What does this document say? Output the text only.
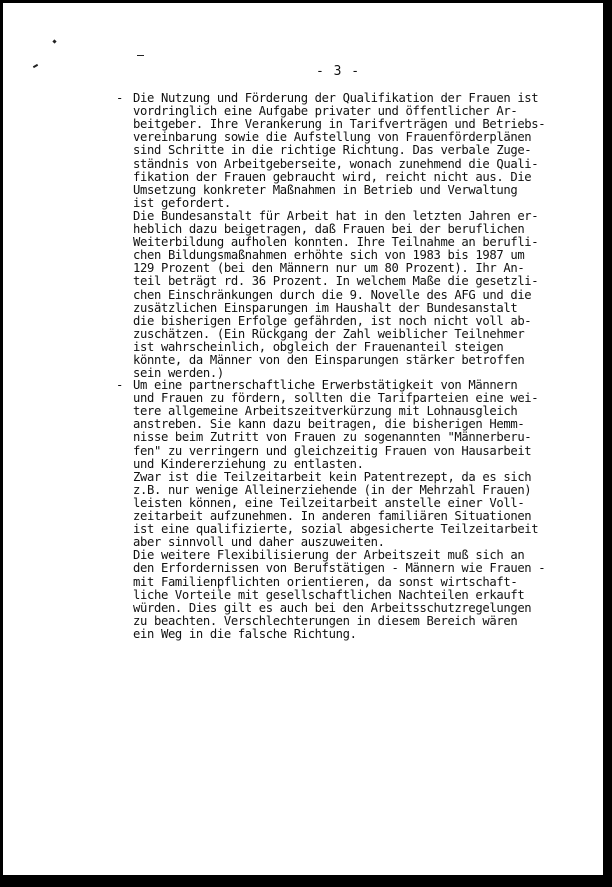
- 3 -
- Die Nutzung und Förderung der Qualifikation der Frauen ist
vordringlich eine Aufgabe privater und öffentlicher Ar-
beitgeber. Ihre Verankerung in Tarifverträgen und Betriebs-
vereinbarung sowie die Aufstellung von Frauenförderplänen
sind Schritte in die richtige Richtung. Das verbale Zuge-
ständnis von Arbeitgeberseite, wonach zunehmend die Quali-
fikation der Frauen gebraucht wird, reicht nicht aus. Die
Umsetzung konkreter Maßnahmen in Betrieb und Verwaltung
ist gefordert.
Die Bundesanstalt für Arbeit hat in den letzten Jahren er-
heblich dazu beigetragen, daß Frauen bei der beruflichen
Weiterbildung aufholen konnten. Ihre Teilnahme an berufli-
chen Bildungsmaßnahmen erhöhte sich von 1983 bis 1987 um
129 Prozent (bei den Männern nur um 80 Prozent). Ihr An-
teil beträgt rd. 36 Prozent. In welchem Maße die gesetzli-
chen Einschränkungen durch die 9. Novelle des AFG und die
zusätzlichen Einsparungen im Haushalt der Bundesanstalt
die bisherigen Erfolge gefährden, ist noch nicht voll ab-
zuschätzen. (Ein Rückgang der Zahl weiblicher Teilnehmer
ist wahrscheinlich, obgleich der Frauenanteil steigen
könnte, da Männer von den Einsparungen stärker betroffen
sein werden.)
- Um eine partnerschaftliche Erwerbstätigkeit von Männern
und Frauen zu fördern, sollten die Tarifparteien eine wei-
tere allgemeine Arbeitszeitverkürzung mit Lohnausgleich
anstreben. Sie kann dazu beitragen, die bisherigen Hemm-
nisse beim Zutritt von Frauen zu sogenannten "Männerberu-
fen" zu verringern und gleichzeitig Frauen von Hausarbeit
und Kindererziehung zu entlasten.
Zwar ist die Teilzeitarbeit kein Patentrezept, da es sich
z.B. nur wenige Alleinerziehende (in der Mehrzahl Frauen)
leisten können, eine Teilzeitarbeit anstelle einer Voll-
zeitarbeit aufzunehmen. In anderen familiären Situationen
ist eine qualifizierte, sozial abgesicherte Teilzeitarbeit
aber sinnvoll und daher auszuweiten.
Die weitere Flexibilisierung der Arbeitszeit muß sich an
den Erfordernissen von Berufstätigen - Männern wie Frauen -
mit Familienpflichten orientieren, da sonst wirtschaft-
liche Vorteile mit gesellschaftlichen Nachteilen erkauft
würden. Dies gilt es auch bei den Arbeitsschutzregelungen
zu beachten. Verschlechterungen in diesem Bereich wären
ein Weg in die falsche Richtung.
